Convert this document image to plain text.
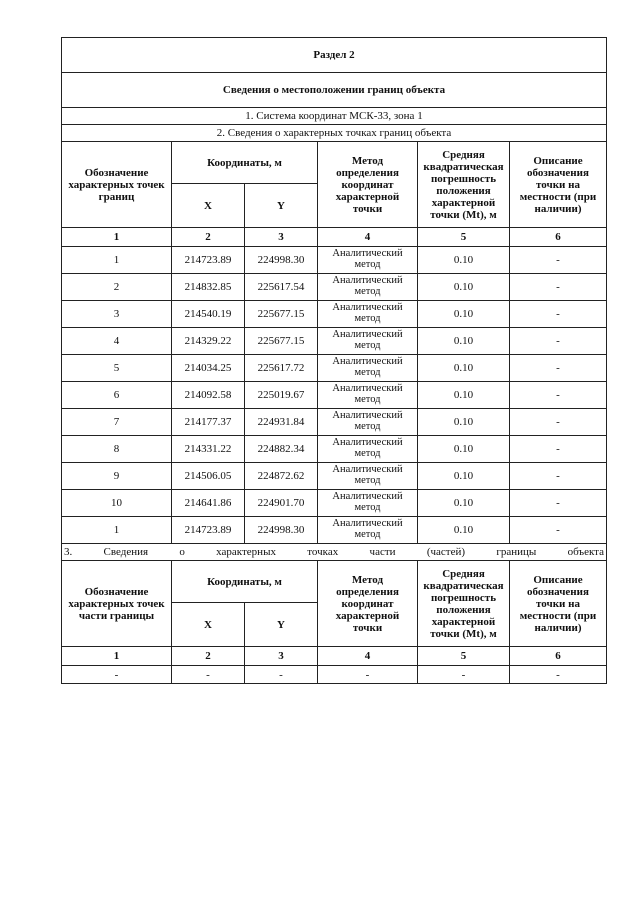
Раздел 2					
Сведения о местоположении границ объекта					
1. Система координат МСК-33, зона 1					
2. Сведения о характерных точках границ объекта					
Обозначение характерных точек границ	Координаты, м		Метод определения координат характерной точки	Средняя квадратическая погрешность положения характерной точки (Mt), м	Описание обозначения точки на местности (при наличии)
	X	Y			
1	2	3	4	5	6
1	214723.89	224998.30	Аналитический метод	0.10	-
2	214832.85	225617.54	Аналитический метод	0.10	-
3	214540.19	225677.15	Аналитический метод	0.10	-
4	214329.22	225677.15	Аналитический метод	0.10	-
5	214034.25	225617.72	Аналитический метод	0.10	-
6	214092.58	225019.67	Аналитический метод	0.10	-
7	214177.37	224931.84	Аналитический метод	0.10	-
8	214331.22	224882.34	Аналитический метод	0.10	-
9	214506.05	224872.62	Аналитический метод	0.10	-
10	214641.86	224901.70	Аналитический метод	0.10	-
1	214723.89	224998.30	Аналитический метод	0.10	-
3. Сведения о характерных точках части (частей) границы объекта					
Обозначение характерных точек части границы	Координаты, м		Метод определения координат характерной точки	Средняя квадратическая погрешность положения характерной точки (Mt), м	Описание обозначения точки на местности (при наличии)
	X	Y			
1	2	3	4	5	6
-	-	-	-	-	-
